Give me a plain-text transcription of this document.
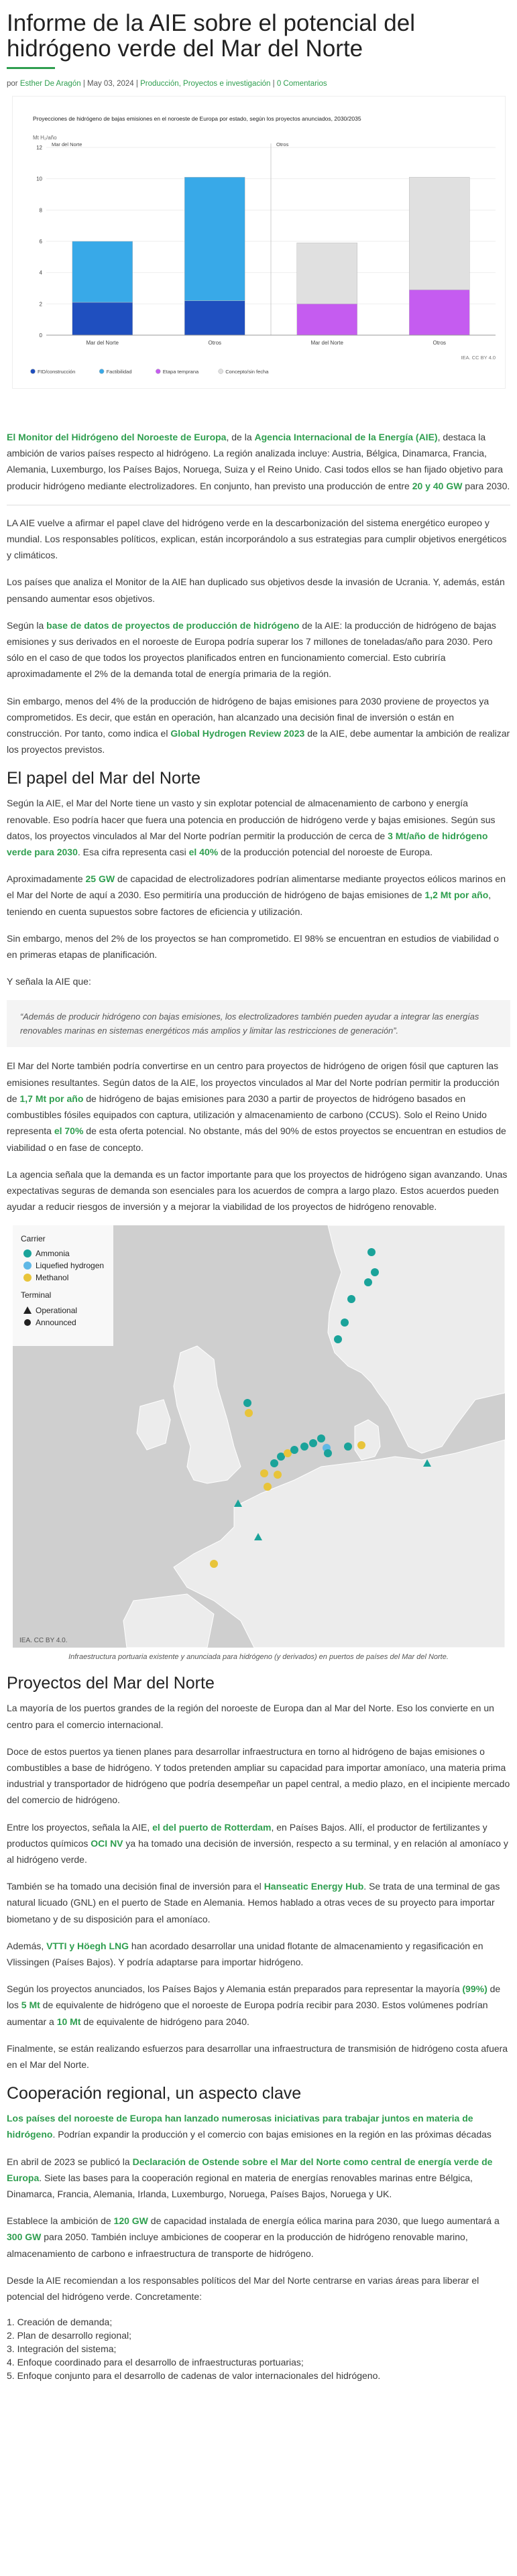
Informe de la AIE sobre el potencial del hidrógeno verde del Mar del Norte
por Esther De Aragón | May 03, 2024 | Producción, Proyectos e investigación | 0 Comentarios
Proyecciones de hidrógeno de bajas emisiones en el noroeste de Europa por estado, según los proyectos anunciados, 2030/2035
Mt H₂/año
0
2
4
6
8
10
12
Mar del Norte	Otros
Mar del Norte	Otros	Mar del Norte	Otros
IEA. CC BY 4.0
FID/construcción	Factibilidad	Etapa temprana	Concepto/sin fecha

El Monitor del Hidrógeno del Noroeste de Europa, de la Agencia Internacional de la Energía (AIE), destaca la ambición de varios países respecto al hidrógeno. La región analizada incluye: Austria, Bélgica, Dinamarca, Francia, Alemania, Luxemburgo, los Países Bajos, Noruega, Suiza y el Reino Unido. Casi todos ellos se han fijado objetivo para producir hidrógeno mediante electrolizadores. En conjunto, han previsto una producción de entre 20 y 40 GW para 2030.

LA AIE vuelve a afirmar el papel clave del hidrógeno verde en la descarbonización del sistema energético europeo y mundial. Los responsables políticos, explican, están incorporándolo a sus estrategias para cumplir objetivos energéticos y climáticos.

Los países que analiza el Monitor de la AIE han duplicado sus objetivos desde la invasión de Ucrania. Y, además, están pensando aumentar esos objetivos.

Según la base de datos de proyectos de producción de hidrógeno de la AIE: la producción de hidrógeno de bajas emisiones y sus derivados en el noroeste de Europa podría superar los 7 millones de toneladas/año para 2030. Pero sólo en el caso de que todos los proyectos planificados entren en funcionamiento comercial. Esto cubriría aproximadamente el 2% de la demanda total de energía primaria de la región.

Sin embargo, menos del 4% de la producción de hidrógeno de bajas emisiones para 2030 proviene de proyectos ya comprometidos. Es decir, que están en operación, han alcanzado una decisión final de inversión o están en construcción. Por tanto, como indica el Global Hydrogen Review 2023 de la AIE, debe aumentar la ambición de realizar los proyectos previstos.

El papel del Mar del Norte

Según la AIE, el Mar del Norte tiene un vasto y sin explotar potencial de almacenamiento de carbono y energía renovable. Eso podría hacer que fuera una potencia en producción de hidrógeno verde y bajas emisiones. Según sus datos, los proyectos vinculados al Mar del Norte podrían permitir la producción de cerca de 3 Mt/año de hidrógeno verde para 2030. Esa cifra representa casi el 40% de la producción potencial del noroeste de Europa.

Aproximadamente 25 GW de capacidad de electrolizadores podrían alimentarse mediante proyectos eólicos marinos en el Mar del Norte de aquí a 2030. Eso permitiría una producción de hidrógeno de bajas emisiones de 1,2 Mt por año, teniendo en cuenta supuestos sobre factores de eficiencia y utilización.

Sin embargo, menos del 2% de los proyectos se han comprometido. El 98% se encuentran en estudios de viabilidad o en primeras etapas de planificación.

Y señala la AIE que:

“Además de producir hidrógeno con bajas emisiones, los electrolizadores también pueden ayudar a integrar las energías renovables marinas en sistemas energéticos más amplios y limitar las restricciones de generación”.

El Mar del Norte también podría convertirse en un centro para proyectos de hidrógeno de origen fósil que capturen las emisiones resultantes. Según datos de la AIE, los proyectos vinculados al Mar del Norte podrían permitir la producción de 1,7 Mt por año de hidrógeno de bajas emisiones para 2030 a partir de proyectos de hidrógeno basados en combustibles fósiles equipados con captura, utilización y almacenamiento de carbono (CCUS). Solo el Reino Unido representa el 70% de esta oferta potencial. No obstante, más del 90% de estos proyectos se encuentran en estudios de viabilidad o en fase de concepto.

La agencia señala que la demanda es un factor importante para que los proyectos de hidrógeno sigan avanzando. Unas expectativas seguras de demanda son esenciales para los acuerdos de compra a largo plazo. Estos acuerdos pueden ayudar a reducir riesgos de inversión y a mejorar la viabilidad de los proyectos de hidrógeno renovable.

Carrier
Ammonia
Liquefied hydrogen
Methanol
Terminal
Operational
Announced
IEA. CC BY 4.0.
Infraestructura portuaria existente y anunciada para hidrógeno (y derivados) en puertos de países del Mar del Norte.
Proyectos del Mar del Norte

La mayoría de los puertos grandes de la región del noroeste de Europa dan al Mar del Norte. Eso los convierte en un centro para el comercio internacional.

Doce de estos puertos ya tienen planes para desarrollar infraestructura en torno al hidrógeno de bajas emisiones o combustibles a base de hidrógeno. Y todos pretenden ampliar su capacidad para importar amoníaco, una materia prima industrial y transportador de hidrógeno que podría desempeñar un papel central, a medio plazo, en el incipiente mercado del comercio de hidrógeno.

Entre los proyectos, señala la AIE, el del puerto de Rotterdam, en Países Bajos. Allí, el productor de fertilizantes y productos químicos OCI NV ya ha tomado una decisión de inversión, respecto a su terminal, y en relación al amoníaco y al hidrógeno verde.

También se ha tomado una decisión final de inversión para el Hanseatic Energy Hub. Se trata de una terminal de gas natural licuado (GNL) en el puerto de Stade en Alemania. Hemos hablado a otras veces de su proyecto para importar biometano y de su disposición para el amoníaco.

Además, VTTI y Höegh LNG han acordado desarrollar una unidad flotante de almacenamiento y regasificación en Vlissingen (Países Bajos). Y podría adaptarse para importar hidrógeno.

Según los proyectos anunciados, los Países Bajos y Alemania están preparados para representar la mayoría (99%) de los 5 Mt de equivalente de hidrógeno que el noroeste de Europa podría recibir para 2030. Estos volúmenes podrían aumentar a 10 Mt de equivalente de hidrógeno para 2040.

Finalmente, se están realizando esfuerzos para desarrollar una infraestructura de transmisión de hidrógeno costa afuera en el Mar del Norte.

Cooperación regional, un aspecto clave

Los países del noroeste de Europa han lanzado numerosas iniciativas para trabajar juntos en materia de hidrógeno. Podrían expandir la producción y el comercio con bajas emisiones en la región en las próximas décadas

En abril de 2023 se publicó la Declaración de Ostende sobre el Mar del Norte como central de energía verde de Europa. Siete las bases para la cooperación regional en materia de energías renovables marinas entre Bélgica, Dinamarca, Francia, Alemania, Irlanda, Luxemburgo, Noruega, Países Bajos, Noruega y UK.

Establece la ambición de 120 GW de capacidad instalada de energía eólica marina para 2030, que luego aumentará a 300 GW para 2050. También incluye ambiciones de cooperar en la producción de hidrógeno renovable marino, almacenamiento de carbono e infraestructura de transporte de hidrógeno.

Desde la AIE recomiendan a los responsables políticos del Mar del Norte centrarse en varias áreas para liberar el potencial del hidrógeno verde. Concretamente:

1. Creación de demanda;
2. Plan de desarrollo regional;
3. Integración del sistema;
4. Enfoque coordinado para el desarrollo de infraestructuras portuarias;
5. Enfoque conjunto para el desarrollo de cadenas de valor internacionales del hidrógeno.
